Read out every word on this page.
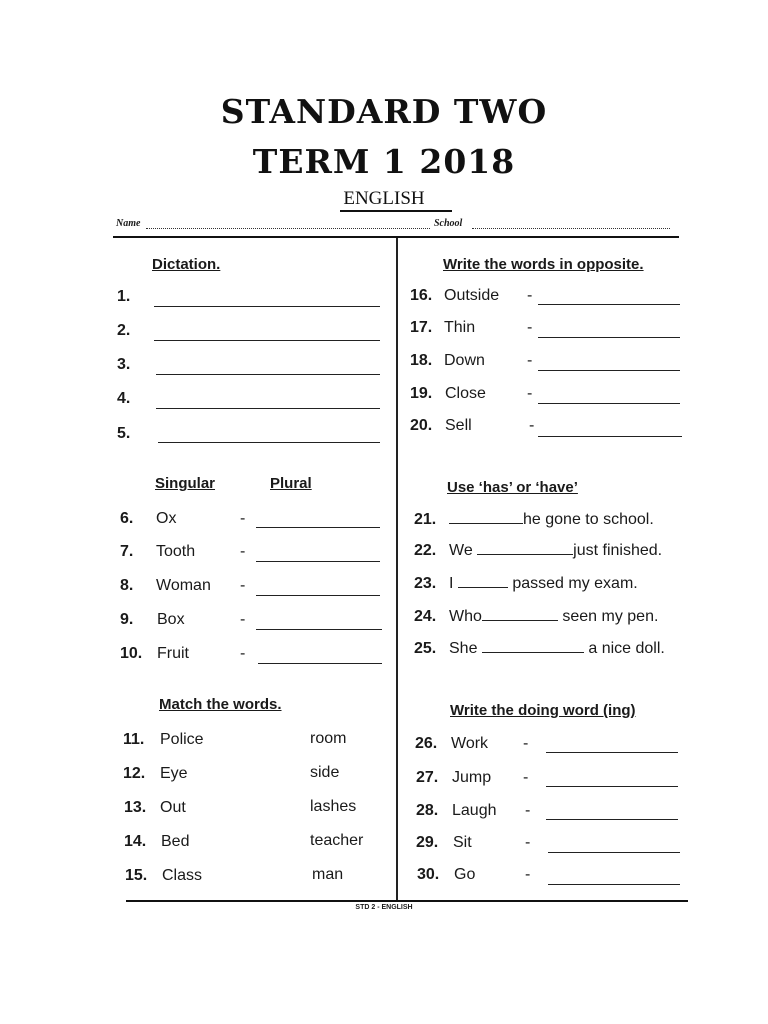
STANDARD TWO
TERM 1 2018
ENGLISH
Name	School
Dictation.
1.
2.
3.
4.
5.
Singular	Plural
6. Ox	-
7. Tooth	-
8. Woman -
9. Box	-
10. Fruit	-
Match the words.
11. Police	room
12. Eye	side
13. Out	lashes
14. Bed	teacher
15. Class	man
Write the words in opposite.
16. Outside -
17. Thin	-
18. Down	-
19. Close	-
20. Sell	-
Use ‘has’ or ‘have’
21.	he gone to school.
22. We	just finished.
23. I	passed my exam.
24. Who	seen my pen.
25. She	a nice doll.
Write the doing word (ing)
26. Work -
27. Jump -
28. Laugh -
29. Sit	-
30. Go	-
STD 2 - ENGLISH
